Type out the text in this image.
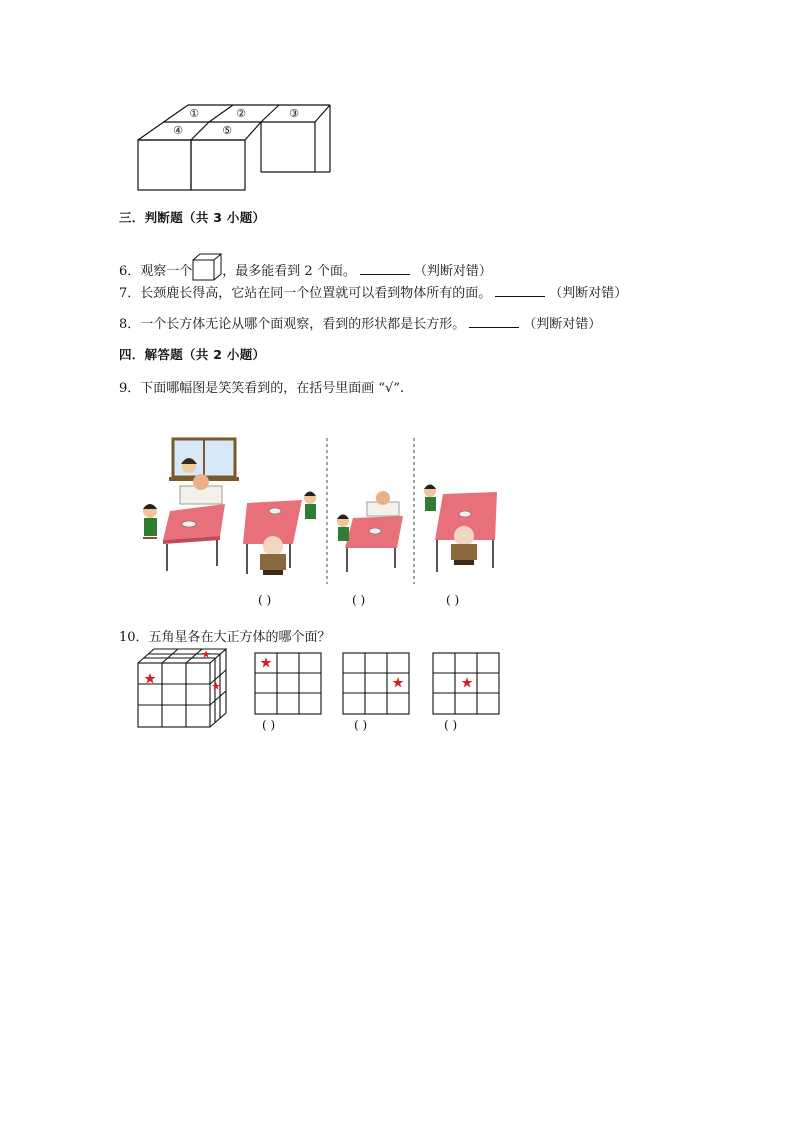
①	②	③
④	⑤
三．判断题（共 3 小题）
6．观察一个 ，最多能看到 2 个面。	（判断对错）
7．长颈鹿长得高，它站在同一个位置就可以看到物体所有的面。	（判断对错）
8．一个长方体无论从哪个面观察，看到的形状都是长方形。	（判断对错）
四．解答题（共 2 小题）
9．下面哪幅图是笑笑看到的，在括号里面画 “√”.
( )	( )	( )
10．五角星各在大正方体的哪个面？
( )	( )	( )
